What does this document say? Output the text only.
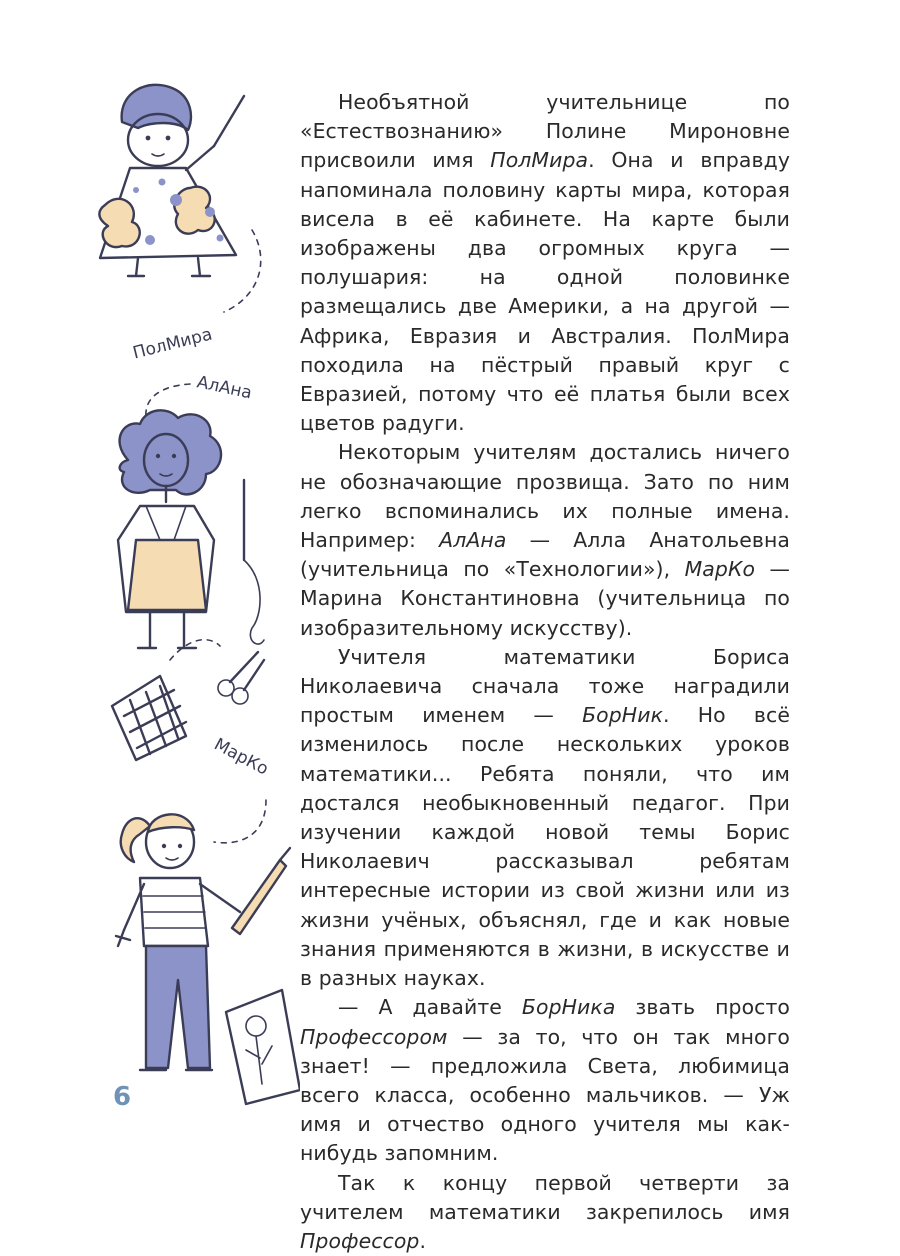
ПолМира
АлАна
МарКо

Необъятной учительнице по «Естествознанию» Полине Мироновне присвоили имя ПолМира. Она и вправду напоминала половину карты мира, которая висела в её кабинете. На карте были изображены два огромных круга — полушария: на одной половинке размещались две Америки, а на другой — Африка, Евразия и Австралия. ПолМира походила на пёстрый правый круг с Евразией, потому что её платья были всех цветов радуги.

Некоторым учителям достались ничего не обозначающие прозвища. Зато по ним легко вспоминались их полные имена. Например: АлАна — Алла Анатольевна (учительница по «Технологии»), МарКо — Марина Константиновна (учительница по изобразительному искусству).

Учителя математики Бориса Николаевича сначала тоже наградили простым именем — БорНик. Но всё изменилось после нескольких уроков математики... Ребята поняли, что им достался необыкновенный педагог. При изучении каждой новой темы Борис Николаевич рассказывал ребятам интересные истории из свой жизни или из жизни учёных, объяснял, где и как новые знания применяются в жизни, в искусстве и в разных науках.

— А давайте БорНика звать просто Профессором — за то, что он так много знает! — предложила Света, любимица всего класса, особенно мальчиков. — Уж имя и отчество одного учителя мы как-нибудь запомним.

Так к концу первой четверти за учителем математики закрепилось имя Профессор.

6
